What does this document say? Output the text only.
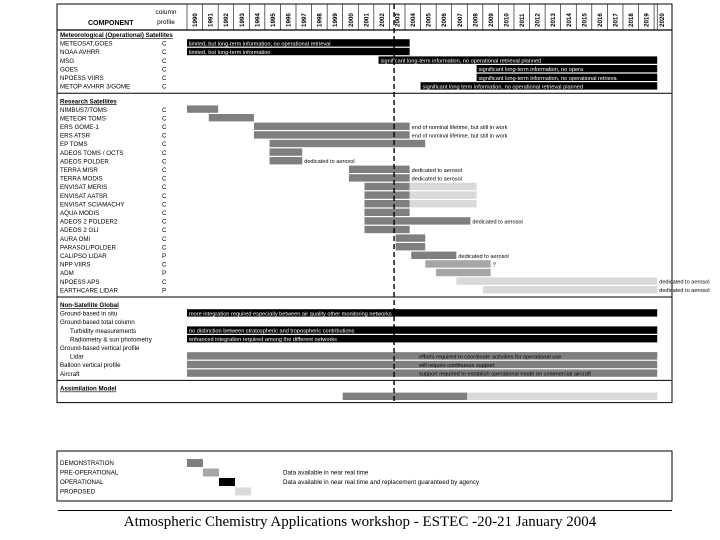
COMPONENT
column
profile	1990 1991 1992 1993 1994 1995 1996 1997 1998 1999 2000 2001 2002 2003 2004 2005 2006 2007 2008 2009 2010 2011 2012 2013 2014 2015 2016 2017 2018 2019 2020
Meteorological (Operational) Satellites
METEOSAT,GOES	C	limited, but long-term information, no operational retrieval
NOAA AVHRR	C	limited, but long-term information
MSG	C	significant long-term information, no operational retrieval planned
GOES	C	significant long-term information, no opera
NPOESS VIIRS	C	significant long-term information, no operational retrieva
METOP AVHRR 3/GOME	C	significant long term information, no operational retrieval planned
Research Satellites
NIMBUS7/TOMS	C
METEOR TOMS	C
ERS GOME-1	C	end of nominal lifetime, but still in work
ERS ATSR	C	end of nominal lifetime, but still in work
EP TOMS	C
ADEOS TOMS / OCTS	C
ADEOS POLDER	C	dedicated to aerosol
TERRA MISR	C	dedicated to aerosol
TERRA MODIS	C	dedicated to aerosol
ENVISAT MERIS	C
ENVISAT AATSR	C
ENVISAT SCIAMACHY	C
AQUA MODIS	C
ADEOS 2 POLDER2	C	dedicated to aerosol
ADEOS 2 GLI	C
AURA OMI	C
PARASOL/POLDER	C
CALIPSO LIDAR	P	dedicated to aerosol
NPP VIIRS	C	?
ADM	P
NPOESS APS	C	dedicated to aerosol
EARTHCARE LIDAR	P	dedicated to aerosol
Non-Satellite Global
Ground-based in situ	more integration required especially between air quality other monitoring networks
Ground-based total column
Turbidity measurements	no distinction between stratospheric and tropospheric contributions
Radiometry & sun photometry	enhanced integration required among the different networks
Ground-based vertical profile
Lidar	efforts required to coordinate activities for operational use
Balloon vertical profile	will require continuous support
Aircraft	support required to establish operational mode on commercial aircraft
Assimilation Model
DEMONSTRATION
PRE-OPERATIONAL	Data available in near real time
OPERATIONAL	Data available in near real time and replacement guaranteed by agency
PROPOSED
Atmospheric Chemistry Applications workshop - ESTEC -20-21 January 2004
